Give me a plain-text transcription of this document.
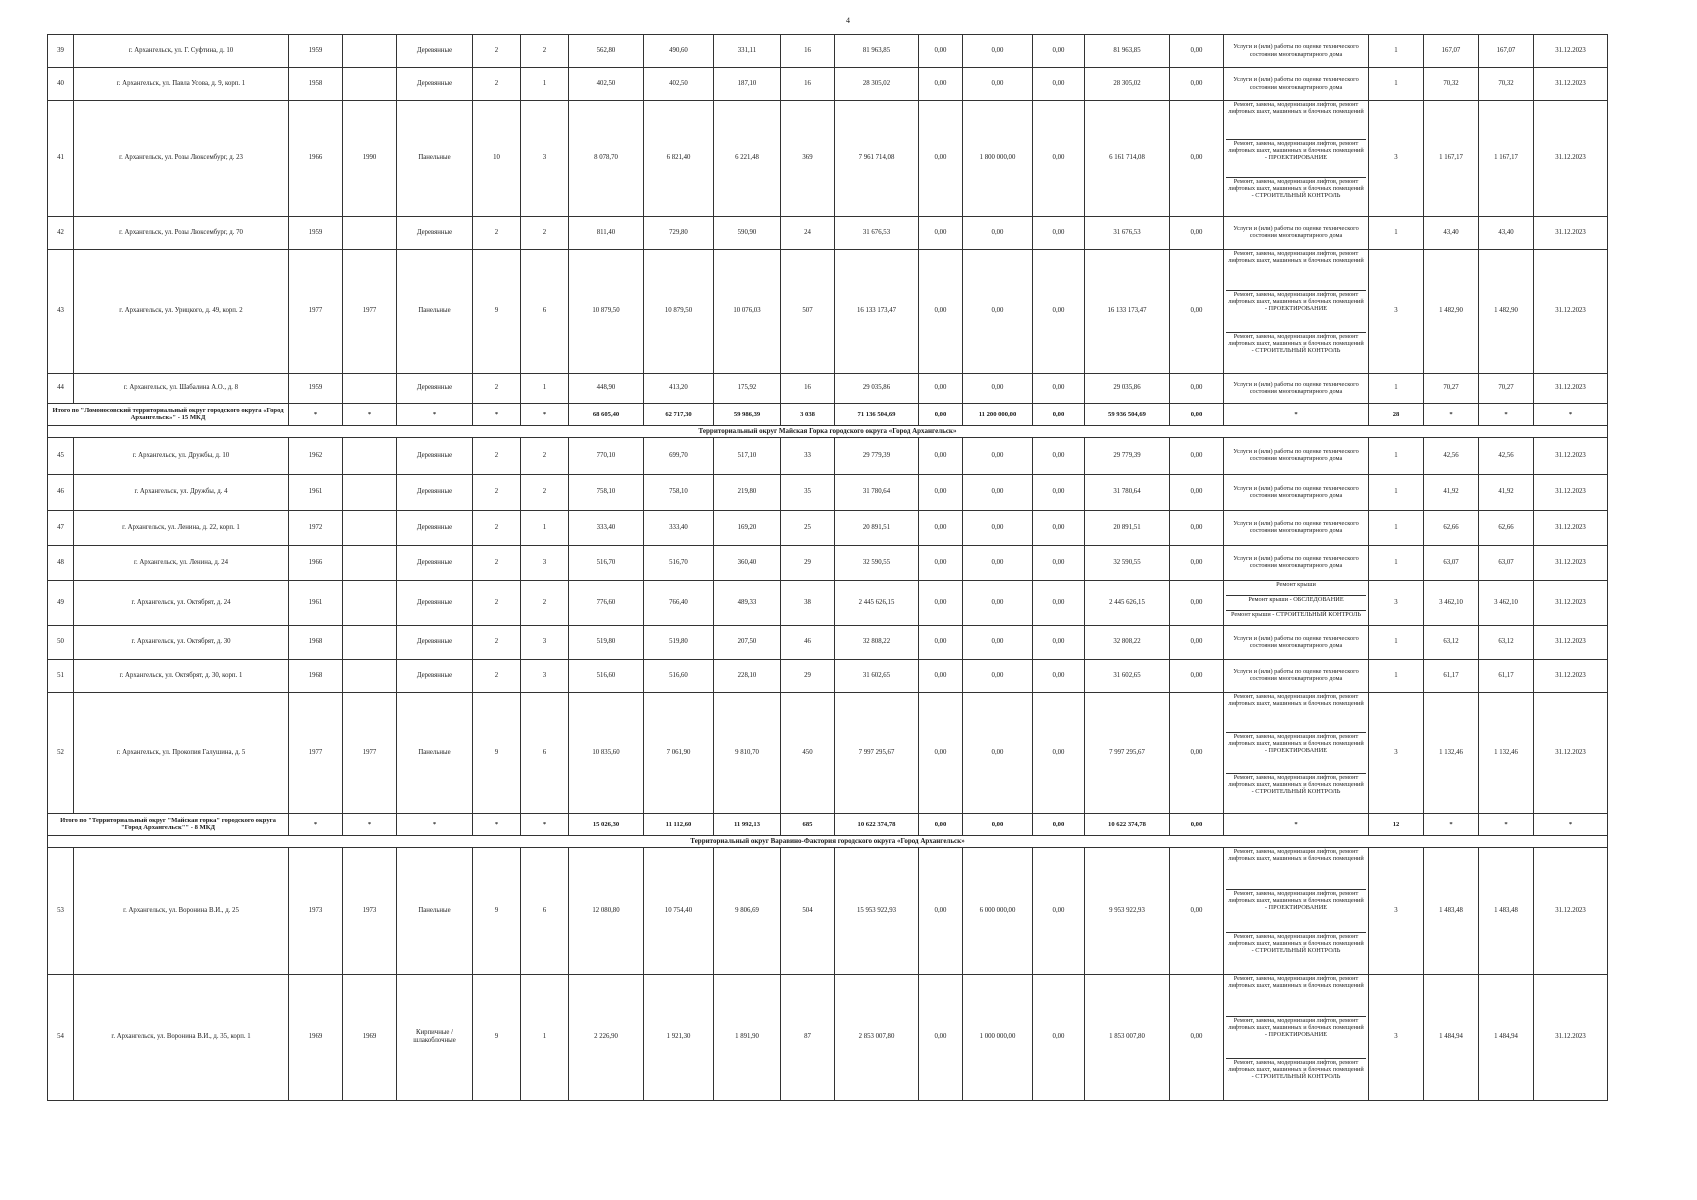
4
39	г. Архангельск, ул. Г. Суфтина, д. 10	1959		Деревянные	2	2	562,80	490,60	331,11	16	81 963,85	0,00	0,00	0,00	81 963,85	0,00	Услуги и (или) работы по оценке технического состояния многоквартирного дома	1	167,07	167,07	31.12.2023	
40	г. Архангельск, ул. Павла Усова, д. 9, корп. 1	1958		Деревянные	2	1	402,50	402,50	187,10	16	28 305,02	0,00	0,00	0,00	28 305,02	0,00	Услуги и (или) работы по оценке технического состояния многоквартирного дома	1	70,32	70,32	31.12.2023	
41	г. Архангельск, ул. Розы Люксембург, д. 23	1966	1990	Панельные	10	3	8 078,70	6 821,40	6 221,48	369	7 961 714,08	0,00	1 800 000,00	0,00	6 161 714,08	0,00	Ремонт, замена, модернизация лифтов, ремонт лифтовых шахт, машинных и блочных помещений
Ремонт, замена, модернизация лифтов, ремонт лифтовых шахт, машинных и блочных помещений - ПРОЕКТИРОВАНИЕ
Ремонт, замена, модернизация лифтов, ремонт лифтовых шахт, машинных и блочных помещений - СТРОИТЕЛЬНЫЙ КОНТРОЛЬ	3	1 167,17	1 167,17	31.12.2023	
42	г. Архангельск, ул. Розы Люксембург, д. 70	1959		Деревянные	2	2	811,40	729,80	590,90	24	31 676,53	0,00	0,00	0,00	31 676,53	0,00	Услуги и (или) работы по оценке технического состояния многоквартирного дома	1	43,40	43,40	31.12.2023	
43	г. Архангельск, ул. Урицкого, д. 49, корп. 2	1977	1977	Панельные	9	6	10 879,50	10 879,50	10 076,03	507	16 133 173,47	0,00	0,00	0,00	16 133 173,47	0,00	Ремонт, замена, модернизация лифтов, ремонт лифтовых шахт, машинных и блочных помещений
Ремонт, замена, модернизация лифтов, ремонт лифтовых шахт, машинных и блочных помещений - ПРОЕКТИРОВАНИЕ
Ремонт, замена, модернизация лифтов, ремонт лифтовых шахт, машинных и блочных помещений - СТРОИТЕЛЬНЫЙ КОНТРОЛЬ	3	1 482,90	1 482,90	31.12.2023	
44	г. Архангельск, ул. Шабалина А.О., д. 8	1959		Деревянные	2	1	448,90	413,20	175,92	16	29 035,86	0,00	0,00	0,00	29 035,86	0,00	Услуги и (или) работы по оценке технического состояния многоквартирного дома	1	70,27	70,27	31.12.2023	
Итого по "Ломоносовский территориальный округ городского округа «Город Архангельск»" - 15 МКД		*	*	*	*	*	68 605,40	62 717,30	59 986,39	3 038	71 136 504,69	0,00	11 200 000,00	0,00	59 936 504,69	0,00	*	28	*	*	*	
Территориальный округ Майская Горка городского округа «Город Архангельск»																						
45	г. Архангельск, ул. Дружбы, д. 10	1962		Деревянные	2	2	770,10	699,70	517,10	33	29 779,39	0,00	0,00	0,00	29 779,39	0,00	Услуги и (или) работы по оценке технического состояния многоквартирного дома	1	42,56	42,56	31.12.2023	
46	г. Архангельск, ул. Дружбы, д. 4	1961		Деревянные	2	2	758,10	758,10	219,80	35	31 780,64	0,00	0,00	0,00	31 780,64	0,00	Услуги и (или) работы по оценке технического состояния многоквартирного дома	1	41,92	41,92	31.12.2023	
47	г. Архангельск, ул. Ленина, д. 22, корп. 1	1972		Деревянные	2	1	333,40	333,40	169,20	25	20 891,51	0,00	0,00	0,00	20 891,51	0,00	Услуги и (или) работы по оценке технического состояния многоквартирного дома	1	62,66	62,66	31.12.2023	
48	г. Архангельск, ул. Ленина, д. 24	1966		Деревянные	2	3	516,70	516,70	360,40	29	32 590,55	0,00	0,00	0,00	32 590,55	0,00	Услуги и (или) работы по оценке технического состояния многоквартирного дома	1	63,07	63,07	31.12.2023	
49	г. Архангельск, ул. Октябрят, д. 24	1961		Деревянные	2	2	776,60	766,40	489,33	38	2 445 626,15	0,00	0,00	0,00	2 445 626,15	0,00	Ремонт крыши
Ремонт крыши - ОБСЛЕДОВАНИЕ
Ремонт крыши - СТРОИТЕЛЬНЫЙ КОНТРОЛЬ	3	3 462,10	3 462,10	31.12.2023	
50	г. Архангельск, ул. Октябрят, д. 30	1968		Деревянные	2	3	519,80	519,80	207,50	46	32 808,22	0,00	0,00	0,00	32 808,22	0,00	Услуги и (или) работы по оценке технического состояния многоквартирного дома	1	63,12	63,12	31.12.2023	
51	г. Архангельск, ул. Октябрят, д. 30, корп. 1	1968		Деревянные	2	3	516,60	516,60	228,10	29	31 602,65	0,00	0,00	0,00	31 602,65	0,00	Услуги и (или) работы по оценке технического состояния многоквартирного дома	1	61,17	61,17	31.12.2023	
52	г. Архангельск, ул. Прокопия Галушина, д. 5	1977	1977	Панельные	9	6	10 835,60	7 061,90	9 810,70	450	7 997 295,67	0,00	0,00	0,00	7 997 295,67	0,00	Ремонт, замена, модернизация лифтов, ремонт лифтовых шахт, машинных и блочных помещений
Ремонт, замена, модернизация лифтов, ремонт лифтовых шахт, машинных и блочных помещений - ПРОЕКТИРОВАНИЕ
Ремонт, замена, модернизация лифтов, ремонт лифтовых шахт, машинных и блочных помещений - СТРОИТЕЛЬНЫЙ КОНТРОЛЬ	3	1 132,46	1 132,46	31.12.2023	
Итого по "Территориальный округ "Майская горка" городского округа "Город Архангельск"" - 8 МКД		*	*	*	*	*	15 026,30	11 112,60	11 992,13	685	10 622 374,78	0,00	0,00	0,00	10 622 374,78	0,00	*	12	*	*	*	
Территориальный округ Варавино-Фактория городского округа «Город Архангельск»																						
53	г. Архангельск, ул. Воронина В.И., д. 25	1973	1973	Панельные	9	6	12 080,80	10 754,40	9 806,69	504	15 953 922,93	0,00	6 000 000,00	0,00	9 953 922,93	0,00	Ремонт, замена, модернизация лифтов, ремонт лифтовых шахт, машинных и блочных помещений
Ремонт, замена, модернизация лифтов, ремонт лифтовых шахт, машинных и блочных помещений - ПРОЕКТИРОВАНИЕ
Ремонт, замена, модернизация лифтов, ремонт лифтовых шахт, машинных и блочных помещений - СТРОИТЕЛЬНЫЙ КОНТРОЛЬ	3	1 483,48	1 483,48	31.12.2023	
54	г. Архангельск, ул. Воронина В.И., д. 35, корп. 1	1969	1969	Кирпичные / шлакоблочные	9	1	2 226,90	1 921,30	1 891,90	87	2 853 007,80	0,00	1 000 000,00	0,00	1 853 007,80	0,00	Ремонт, замена, модернизация лифтов, ремонт лифтовых шахт, машинных и блочных помещений
Ремонт, замена, модернизация лифтов, ремонт лифтовых шахт, машинных и блочных помещений - ПРОЕКТИРОВАНИЕ
Ремонт, замена, модернизация лифтов, ремонт лифтовых шахт, машинных и блочных помещений - СТРОИТЕЛЬНЫЙ КОНТРОЛЬ	3	1 484,94	1 484,94	31.12.2023	
